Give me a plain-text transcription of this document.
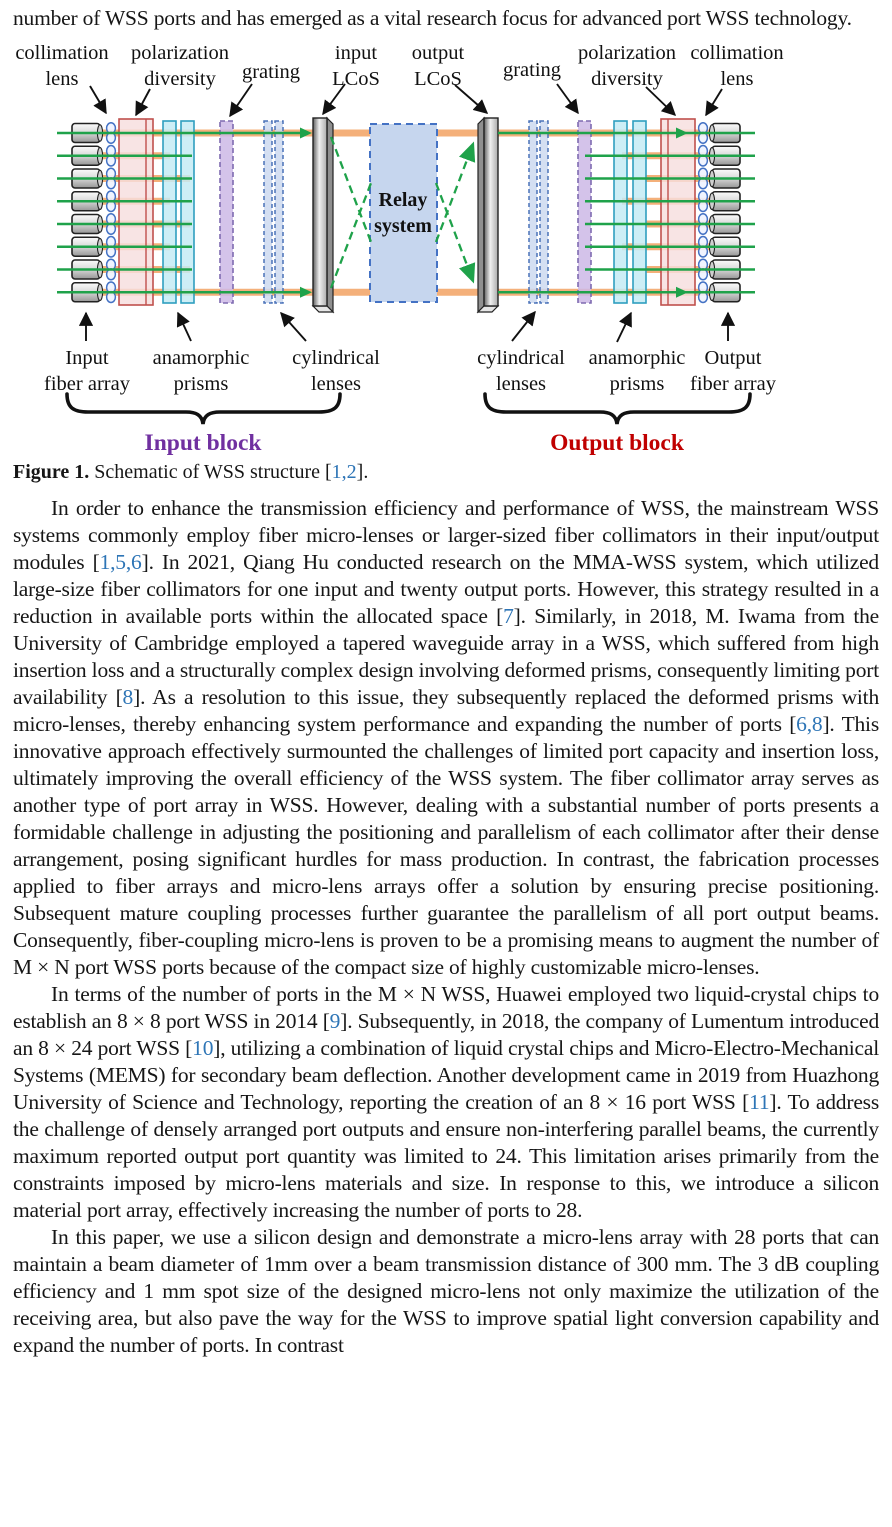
number of WSS ports and has emerged as a vital research focus for advanced port WSS technology.

Relay
system
collimation
lens
polarization
diversity grating
input
LCoS
output
LCoS grating
polarization
diversity
collimation
lens
Input
fiber array
anamorphic
prisms
cylindrical
lenses
cylindrical
lenses
anamorphic
prisms
Output
fiber array
Input block	Output block

Figure 1. Schematic of WSS structure [1,2].

In order to enhance the transmission efficiency and performance of WSS, the mainstream WSS systems commonly employ fiber micro-lenses or larger-sized fiber collimators in their input/output modules [1,5,6]. In 2021, Qiang Hu conducted research on the MMA-WSS system, which utilized large-size fiber collimators for one input and twenty output ports. However, this strategy resulted in a reduction in available ports within the allocated space [7]. Similarly, in 2018, M. Iwama from the University of Cambridge employed a tapered waveguide array in a WSS, which suffered from high insertion loss and a structurally complex design involving deformed prisms, consequently limiting port availability [8]. As a resolution to this issue, they subsequently replaced the deformed prisms with micro-lenses, thereby enhancing system performance and expanding the number of ports [6,8]. This innovative approach effectively surmounted the challenges of limited port capacity and insertion loss, ultimately improving the overall efficiency of the WSS system. The fiber collimator array serves as another type of port array in WSS. However, dealing with a substantial number of ports presents a formidable challenge in adjusting the positioning and parallelism of each collimator after their dense arrangement, posing significant hurdles for mass production. In contrast, the fabrication processes applied to fiber arrays and micro-lens arrays offer a solution by ensuring precise positioning. Subsequent mature coupling processes further guarantee the parallelism of all port output beams. Consequently, fiber-coupling micro-lens is proven to be a promising means to augment the number of M × N port WSS ports because of the compact size of highly customizable micro-lenses.

In terms of the number of ports in the M × N WSS, Huawei employed two liquid-crystal chips to establish an 8 × 8 port WSS in 2014 [9]. Subsequently, in 2018, the company of Lumentum introduced an 8 × 24 port WSS [10], utilizing a combination of liquid crystal chips and Micro-Electro-Mechanical Systems (MEMS) for secondary beam deflection. Another development came in 2019 from Huazhong University of Science and Technology, reporting the creation of an 8 × 16 port WSS [11]. To address the challenge of densely arranged port outputs and ensure non-interfering parallel beams, the currently maximum reported output port quantity was limited to 24. This limitation arises primarily from the constraints imposed by micro-lens materials and size. In response to this, we introduce a silicon material port array, effectively increasing the number of ports to 28.

In this paper, we use a silicon design and demonstrate a micro-lens array with 28 ports that can maintain a beam diameter of 1mm over a beam transmission distance of 300 mm. The 3 dB coupling efficiency and 1 mm spot size of the designed micro-lens not only maximize the utilization of the receiving area, but also pave the way for the WSS to improve spatial light conversion capability and expand the number of ports. In contrast
